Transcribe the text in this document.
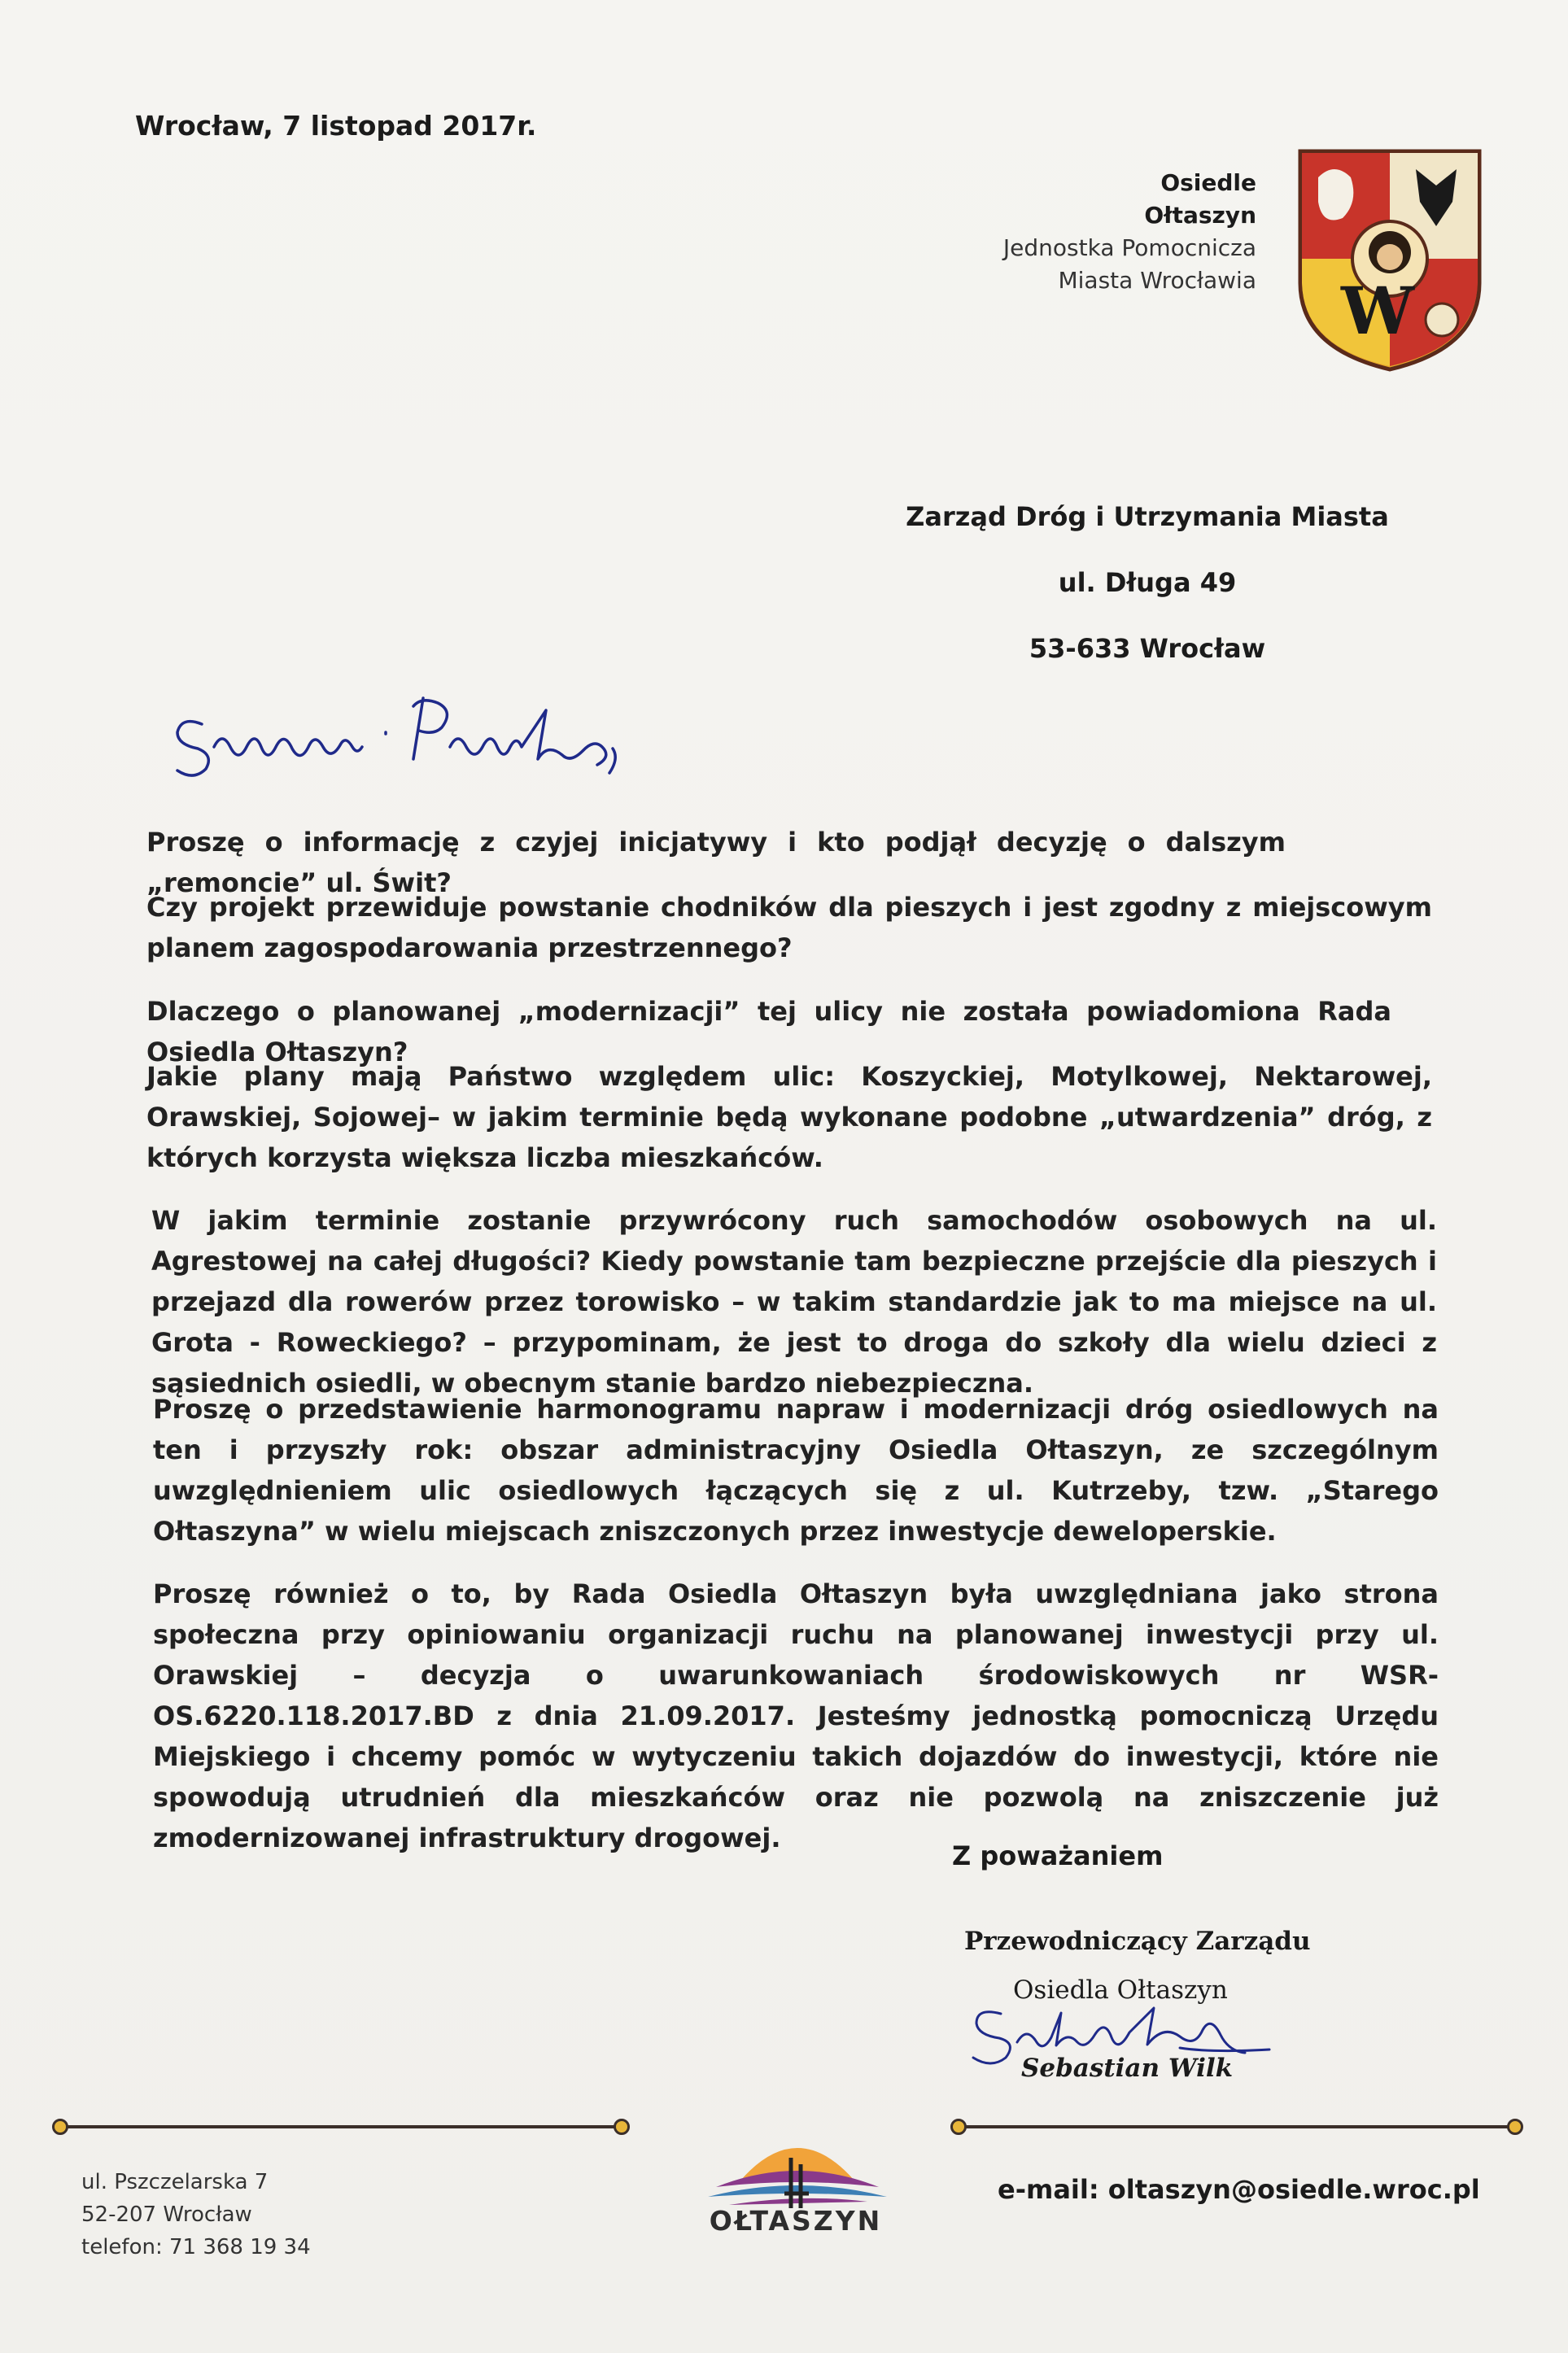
Wrocław, 7 listopad 2017r.
Osiedle
Ołtaszyn
Jednostka Pomocnicza
Miasta Wrocławia W
Zarząd Dróg i Utrzymania Miasta
ul. Długa 49
53-633 Wrocław
Szanowni Państwo,
Proszę o informację z czyjej inicjatywy i kto podjął decyzję o dalszym „remoncie” ul. Świt?
Czy projekt przewiduje powstanie chodników dla pieszych i jest zgodny z miejscowym planem zagospodarowania przestrzennego?
Dlaczego o planowanej „modernizacji” tej ulicy nie została powiadomiona Rada Osiedla Ołtaszyn?
Jakie plany mają Państwo względem ulic: Koszyckiej, Motylkowej, Nektarowej, Orawskiej, Sojowej– w jakim terminie będą wykonane podobne „utwardzenia” dróg, z których korzysta większa liczba mieszkańców.
W jakim terminie zostanie przywrócony ruch samochodów osobowych na ul. Agrestowej na całej długości? Kiedy powstanie tam bezpieczne przejście dla pieszych i przejazd dla rowerów przez torowisko – w takim standardzie jak to ma miejsce na ul. Grota - Roweckiego? – przypominam, że jest to droga do szkoły dla wielu dzieci z sąsiednich osiedli, w obecnym stanie bardzo niebezpieczna.
Proszę o przedstawienie harmonogramu napraw i modernizacji dróg osiedlowych na ten i przyszły rok: obszar administracyjny Osiedla Ołtaszyn, ze szczególnym uwzględnieniem ulic osiedlowych łączących się z ul. Kutrzeby, tzw. „Starego Ołtaszyna” w wielu miejscach zniszczonych przez inwestycje deweloperskie.
Proszę również o to, by Rada Osiedla Ołtaszyn była uwzględniana jako strona społeczna przy opiniowaniu organizacji ruchu na planowanej inwestycji przy ul. Orawskiej – decyzja o uwarunkowaniach środowiskowych nr WSR-OS.6220.118.2017.BD z dnia 21.09.2017. Jesteśmy jednostką pomocniczą Urzędu Miejskiego i chcemy pomóc w wytyczeniu takich dojazdów do inwestycji, które nie spowodują utrudnień dla mieszkańców oraz nie pozwolą na zniszczenie już zmodernizowanej infrastruktury drogowej.
Z poważaniem
Przewodniczący Zarządu
Osiedla Ołtaszyn
Sebastian Wilk
ul. Pszczelarska 7
52-207 Wrocław
telefon: 71 368 19 34
OŁTASZYN
e-mail: oltaszyn@osiedle.wroc.pl
